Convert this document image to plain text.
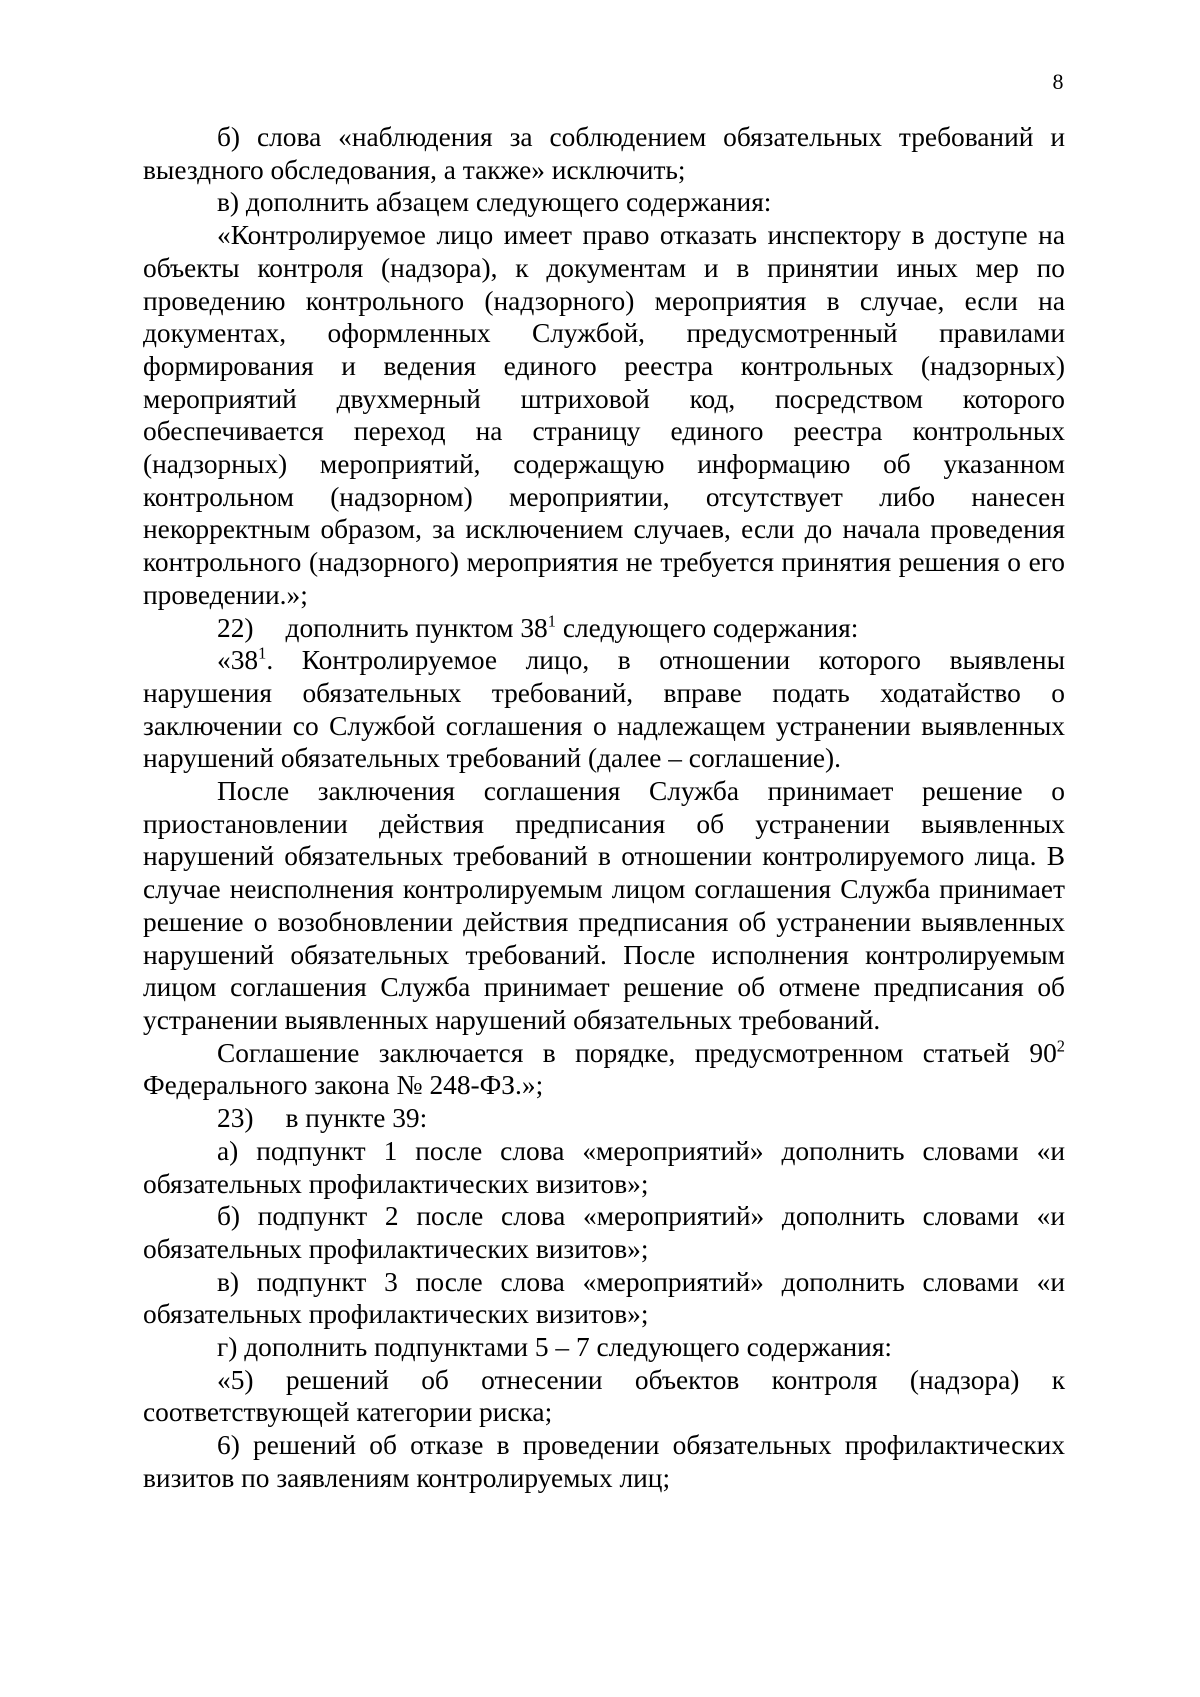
8

б) слова «наблюдения за соблюдением обязательных требований и выездного обследования, а также» исключить;

в) дополнить абзацем следующего содержания:

«Контролируемое лицо имеет право отказать инспектору в доступе на объекты контроля (надзора), к документам и в принятии иных мер по проведению контрольного (надзорного) мероприятия в случае, если на документах, оформленных Службой, предусмотренный правилами формирования и ведения единого реестра контрольных (надзорных) мероприятий двухмерный штриховой код, посредством которого обеспечивается переход на страницу единого реестра контрольных (надзорных) мероприятий, содержащую информацию об указанном контрольном (надзорном) мероприятии, отсутствует либо нанесен некорректным образом, за исключением случаев, если до начала проведения контрольного (надзорного) мероприятия не требуется принятия решения о его проведении.»;

22) дополнить пунктом $38^1$ следующего содержания:

«$38^1$. Контролируемое лицо, в отношении которого выявлены нарушения обязательных требований, вправе подать ходатайство о заключении со Службой соглашения о надлежащем устранении выявленных нарушений обязательных требований (далее – соглашение).

После заключения соглашения Служба принимает решение о приостановлении действия предписания об устранении выявленных нарушений обязательных требований в отношении контролируемого лица. В случае неисполнения контролируемым лицом соглашения Служба принимает решение о возобновлении действия предписания об устранении выявленных нарушений обязательных требований. После исполнения контролируемым лицом соглашения Служба принимает решение об отмене предписания об устранении выявленных нарушений обязательных требований.

Соглашение заключается в порядке, предусмотренном статьей $90^2$ Федерального закона № 248-ФЗ.»;

23) в пункте 39:

а) подпункт 1 после слова «мероприятий» дополнить словами «и обязательных профилактических визитов»;

б) подпункт 2 после слова «мероприятий» дополнить словами «и обязательных профилактических визитов»;

в) подпункт 3 после слова «мероприятий» дополнить словами «и обязательных профилактических визитов»;

г) дополнить подпунктами 5 – 7 следующего содержания:

«5) решений об отнесении объектов контроля (надзора) к соответствующей категории риска;

6) решений об отказе в проведении обязательных профилактических визитов по заявлениям контролируемых лиц;
